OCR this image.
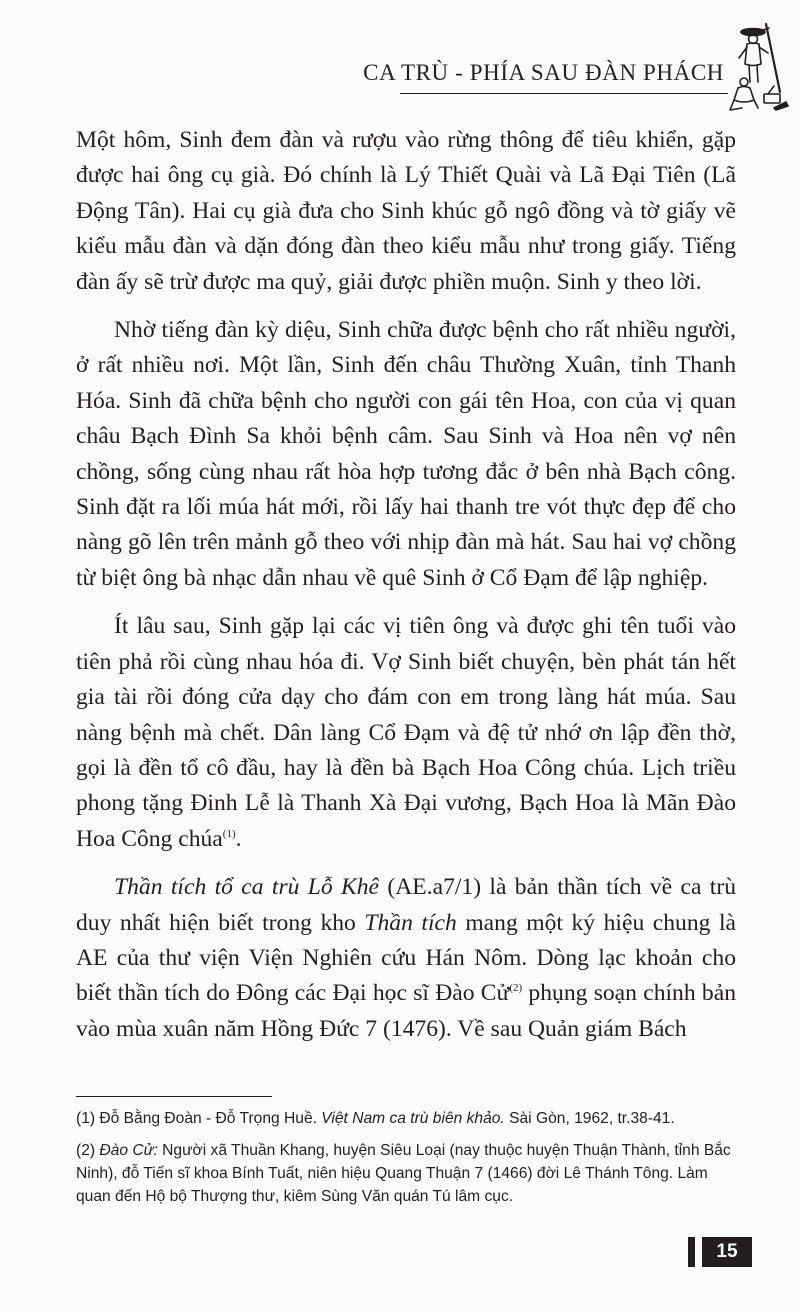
CA TRÙ - PHÍA SAU ĐÀN PHÁCH

Một hôm, Sinh đem đàn và rượu vào rừng thông để tiêu khiển, gặp được hai ông cụ già. Đó chính là Lý Thiết Quài và Lã Đại Tiên (Lã Động Tân). Hai cụ già đưa cho Sinh khúc gỗ ngô đồng và tờ giấy vẽ kiểu mẫu đàn và dặn đóng đàn theo kiểu mẫu như trong giấy. Tiếng đàn ấy sẽ trừ được ma quỷ, giải được phiền muộn. Sinh y theo lời.

Nhờ tiếng đàn kỳ diệu, Sinh chữa được bệnh cho rất nhiều người, ở rất nhiều nơi. Một lần, Sinh đến châu Thường Xuân, tỉnh Thanh Hóa. Sinh đã chữa bệnh cho người con gái tên Hoa, con của vị quan châu Bạch Đình Sa khỏi bệnh câm. Sau Sinh và Hoa nên vợ nên chồng, sống cùng nhau rất hòa hợp tương đắc ở bên nhà Bạch công. Sinh đặt ra lối múa hát mới, rồi lấy hai thanh tre vót thực đẹp để cho nàng gõ lên trên mảnh gỗ theo với nhịp đàn mà hát. Sau hai vợ chồng từ biệt ông bà nhạc dẫn nhau về quê Sinh ở Cổ Đạm để lập nghiệp.

Ít lâu sau, Sinh gặp lại các vị tiên ông và được ghi tên tuổi vào tiên phả rồi cùng nhau hóa đi. Vợ Sinh biết chuyện, bèn phát tán hết gia tài rồi đóng cửa dạy cho đám con em trong làng hát múa. Sau nàng bệnh mà chết. Dân làng Cổ Đạm và đệ tử nhớ ơn lập đền thờ, gọi là đền tổ cô đầu, hay là đền bà Bạch Hoa Công chúa. Lịch triều phong tặng Đinh Lễ là Thanh Xà Đại vương, Bạch Hoa là Mãn Đào Hoa Công chúa$^{(1)}$.

Thần tích tổ ca trù Lỗ Khê (AE.a7/1) là bản thần tích về ca trù duy nhất hiện biết trong kho Thần tích mang một ký hiệu chung là AE của thư viện Viện Nghiên cứu Hán Nôm. Dòng lạc khoản cho biết thần tích do Đông các Đại học sĩ Đào Cử$^{(2)}$ phụng soạn chính bản vào mùa xuân năm Hồng Đức 7 (1476). Về sau Quản giám Bách

(1) Đỗ Bằng Đoàn - Đỗ Trọng Huề. Việt Nam ca trù biên khảo. Sài Gòn, 1962, tr.38-41.

(2) Đào Cử: Người xã Thuần Khang, huyện Siêu Loại (nay thuộc huyện Thuận Thành, tỉnh Bắc Ninh), đỗ Tiến sĩ khoa Bính Tuất, niên hiệu Quang Thuận 7 (1466) đời Lê Thánh Tông. Làm quan đến Hộ bộ Thượng thư, kiêm Sùng Văn quán Tú lâm cục.

15
